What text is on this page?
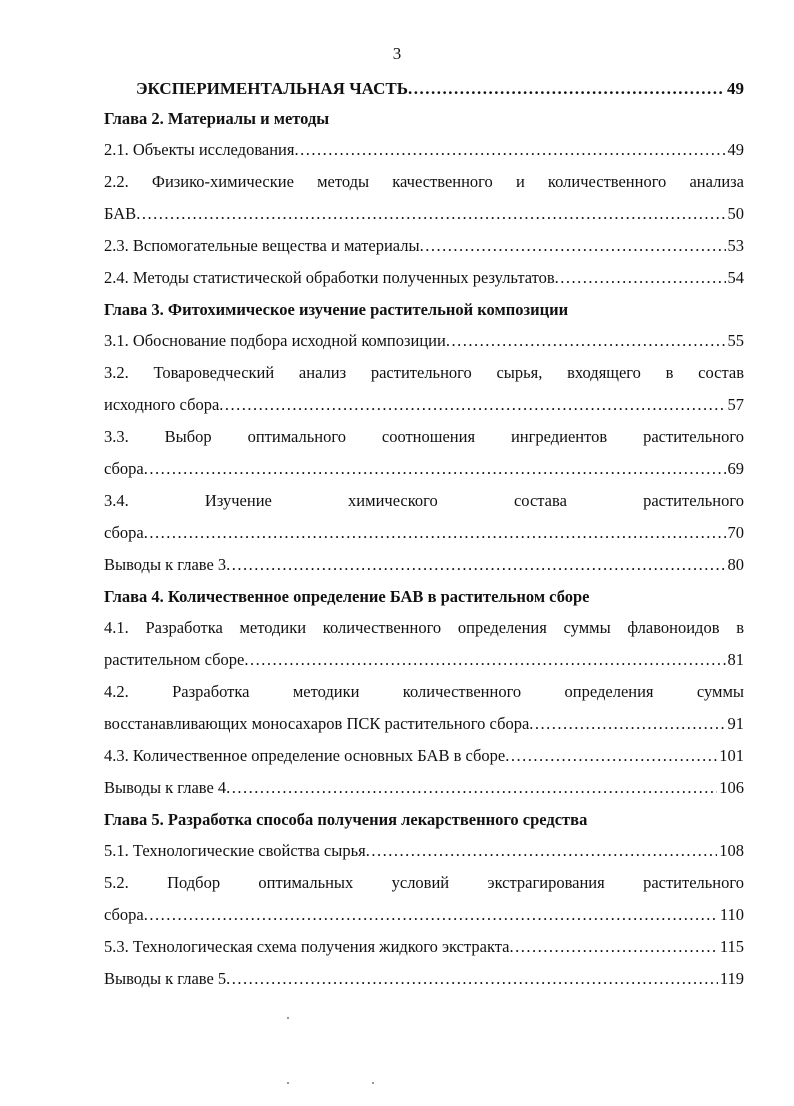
3
ЭКСПЕРИМЕНТАЛЬНАЯ ЧАСТЬ .....	49
Глава 2. Материалы и методы
2.1. Объекты исследования .....	49
2.2. Физико-химические методы качественного и количественного анализа
БАВ .....	50
2.3. Вспомогательные вещества и материалы .....	53
2.4. Методы статистической обработки полученных результатов .....	54
Глава 3. Фитохимическое изучение растительной композиции
3.1. Обоснование подбора исходной композиции .....	55
3.2. Товароведческий анализ растительного сырья, входящего в состав
исходного сбора .....	57
3.3. Выбор оптимального соотношения ингредиентов растительного
сбора .....	69
3.4. Изучение химического состава растительного
сбора .....	70
Выводы к главе 3 .....	80
Глава 4. Количественное определение БАВ в растительном сборе
4.1. Разработка методики количественного определения суммы флавоноидов в
растительном сборе .....	81
4.2. Разработка методики количественного определения суммы
восстанавливающих моносахаров ПСК растительного сбора .....	91
4.3. Количественное определение основных БАВ в сборе .....	101
Выводы к главе 4 .....	106
Глава 5. Разработка способа получения лекарственного средства
5.1. Технологические свойства сырья .....	108
5.2. Подбор оптимальных условий экстрагирования растительного
сбора .....	110
5.3. Технологическая схема получения жидкого экстракта .....	115
Выводы к главе 5 .....	119
